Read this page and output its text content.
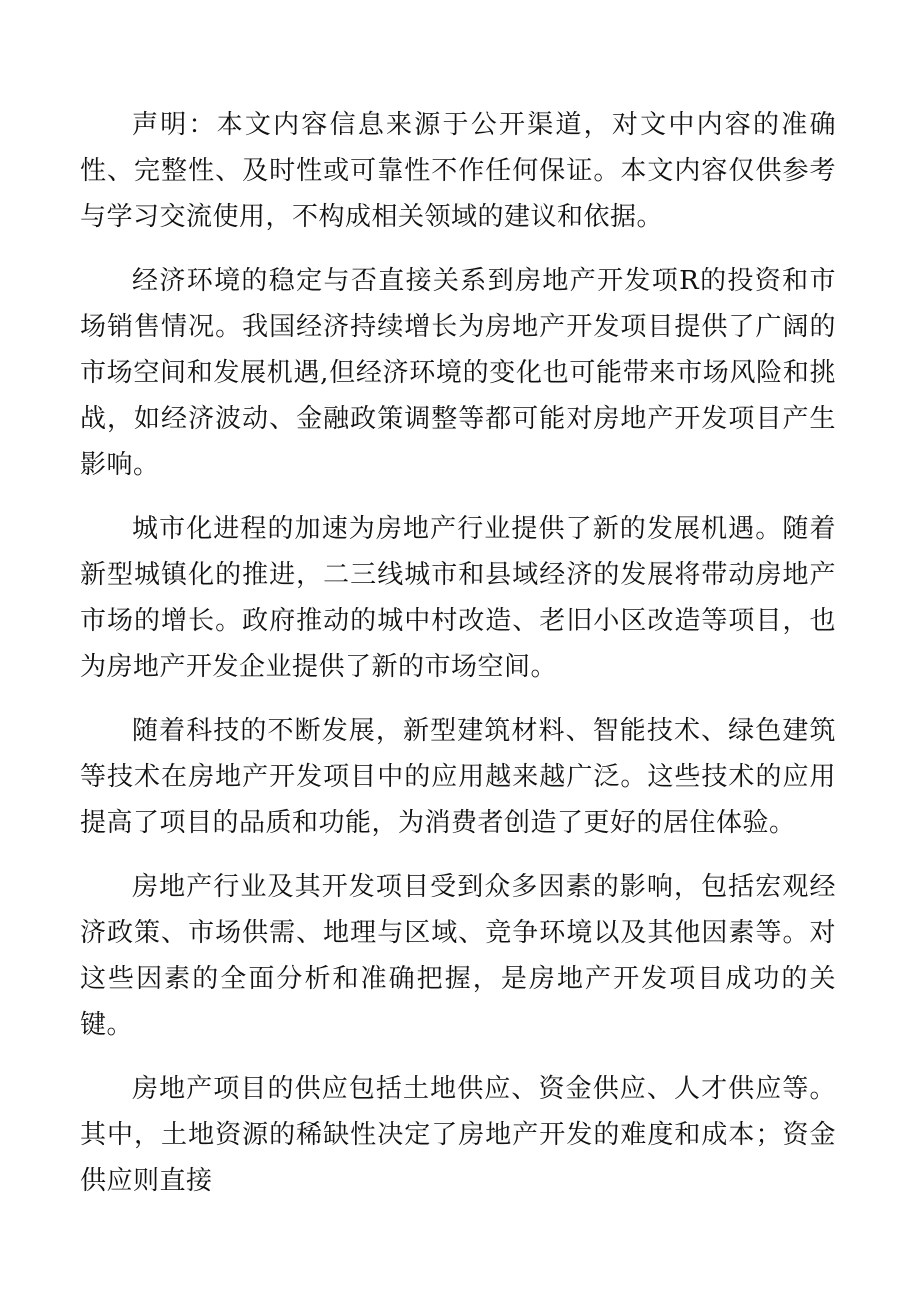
声明：本文内容信息来源于公开渠道，对文中内容的准确性、完整性、及时性或可靠性不作任何保证。本文内容仅供参考与学习交流使用，不构成相关领域的建议和依据。

经济环境的稳定与否直接关系到房地产开发项R的投资和市场销售情况。我国经济持续增长为房地产开发项目提供了广阔的市场空间和发展机遇,但经济环境的变化也可能带来市场风险和挑战，如经济波动、金融政策调整等都可能对房地产开发项目产生影响。

城市化进程的加速为房地产行业提供了新的发展机遇。随着新型城镇化的推进，二三线城市和县域经济的发展将带动房地产市场的增长。政府推动的城中村改造、老旧小区改造等项目，也为房地产开发企业提供了新的市场空间。

随着科技的不断发展，新型建筑材料、智能技术、绿色建筑等技术在房地产开发项目中的应用越来越广泛。这些技术的应用提高了项目的品质和功能，为消费者创造了更好的居住体验。

房地产行业及其开发项目受到众多因素的影响，包括宏观经济政策、市场供需、地理与区域、竞争环境以及其他因素等。对这些因素的全面分析和准确把握，是房地产开发项目成功的关键。

房地产项目的供应包括土地供应、资金供应、人才供应等。其中，土地资源的稀缺性决定了房地产开发的难度和成本；资金供应则直接
